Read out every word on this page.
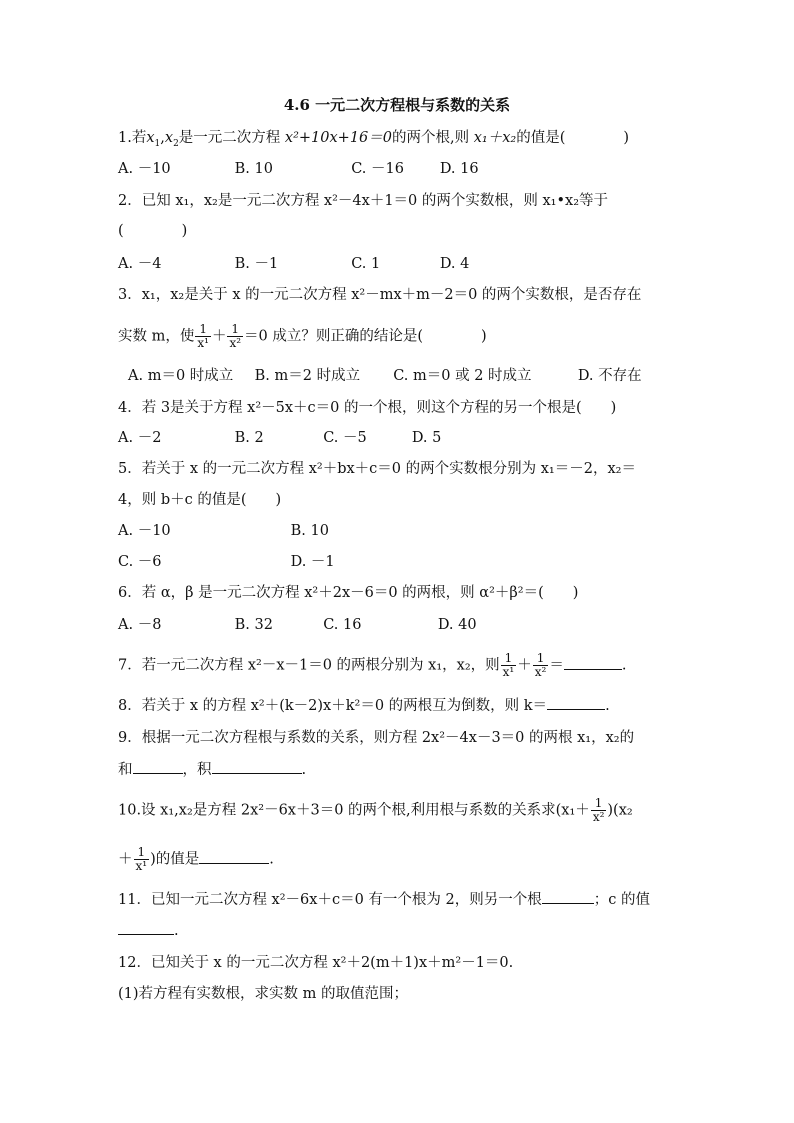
4.6 一元二次方程根与系数的关系
1.若$x_1,x_2$是一元二次方程 x²+10x+16＝0的两个根,则 x₁＋x₂的值是(　　　　)
A. －10	B. 10	C. －16 D. 16
2．已知 x₁，x₂是一元二次方程 x²－4x＋1＝0 的两个实数根，则 x₁•x₂等于
(　　　　)
A. －4	B. －1	C. 1	D. 4
3．x₁，x₂是关于 x 的一元二次方程 x²－mx＋m－2＝0 的两个实数根，是否存在
实数 m，使 $\frac{1}{\text{x¹}} + \frac{1}{\text{x²}} =0$ 成立？则正确的结论是(　　　　)
A. m＝0 时成立 B. m＝2 时成立 C. m＝0 或 2 时成立	D. 不存在
4．若 3是关于方程 x²－5x＋c＝0 的一个根，则这个方程的另一个根是(　　)
A. －2	B. 2	C. －5	D. 5
5．若关于 x 的一元二次方程 x²＋bx＋c＝0 的两个实数根分别为 x₁＝－2，x₂＝
4，则 b＋c 的值是(　　)
A. －10	B. 10
C. －6	D. －1
6．若 α，β 是一元二次方程 x²＋2x－6＝0 的两根，则 α²＋β²＝(　　)
A. －8	B. 32	C. 16	D. 40
7．若一元二次方程 x²－x－1＝0 的两根分别为 x₁，x₂，则 $\frac{1}{\text{x¹}} + \frac{1}{\text{x²}}$ ＝	.
8．若关于 x 的方程 x²＋(k－2)x＋k²＝0 的两根互为倒数，则 k＝	.
9．根据一元二次方程根与系数的关系，则方程 2x²－4x－3＝0 的两根 x₁，x₂的
和	，积	.
10.设 x₁,x₂是方程 2x²－6x＋3＝0 的两个根,利用根与系数的关系求$(x_1+ \frac{1}{\text{x²}} )(x_2$
＋ $\frac{1}{\text{x¹}}$ )的值是	.
11．已知一元二次方程 x²－6x＋c＝0 有一个根为 2，则另一个根	；c 的值
.
12．已知关于 x 的一元二次方程 x²＋2(m＋1)x＋m²－1＝0.
(1)若方程有实数根，求实数 m 的取值范围；
